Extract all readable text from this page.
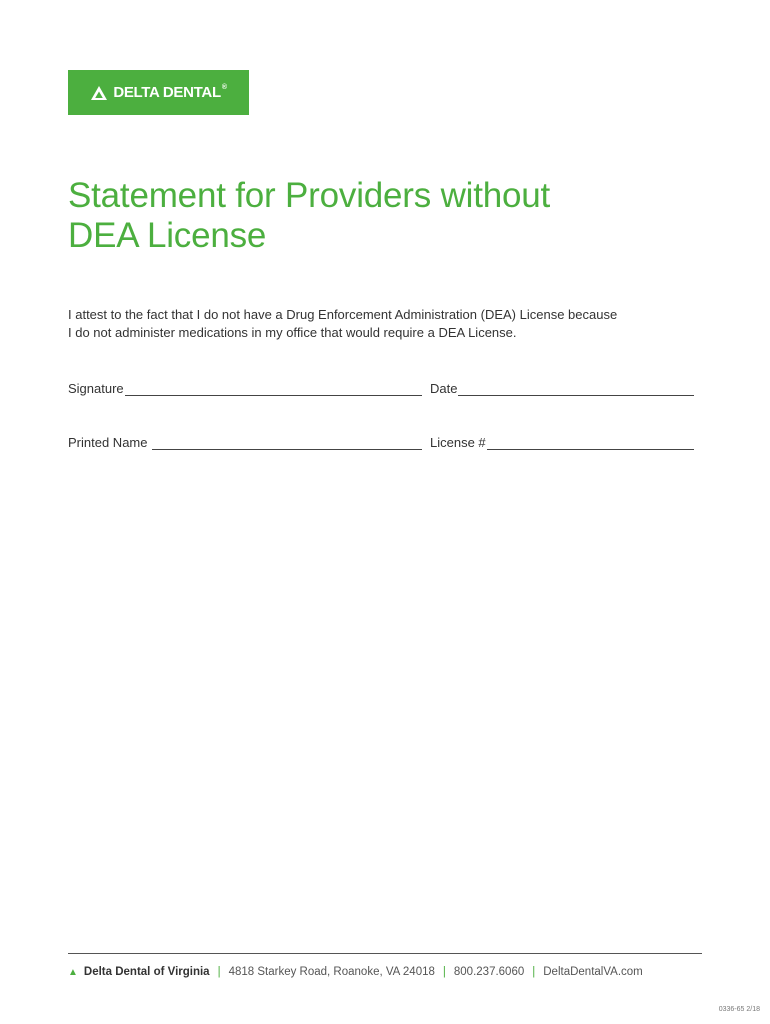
DELTA DENTAL®
Statement for Providers without
DEA License
I attest to the fact that I do not have a Drug Enforcement Administration (DEA) License because
I do not administer medications in my office that would require a DEA License.
Signature	Date
Printed Name	License #
▲ Delta Dental of Virginia | 4818 Starkey Road, Roanoke, VA 24018 | 800.237.6060 | DeltaDentalVA.com
0336-65 2/18
